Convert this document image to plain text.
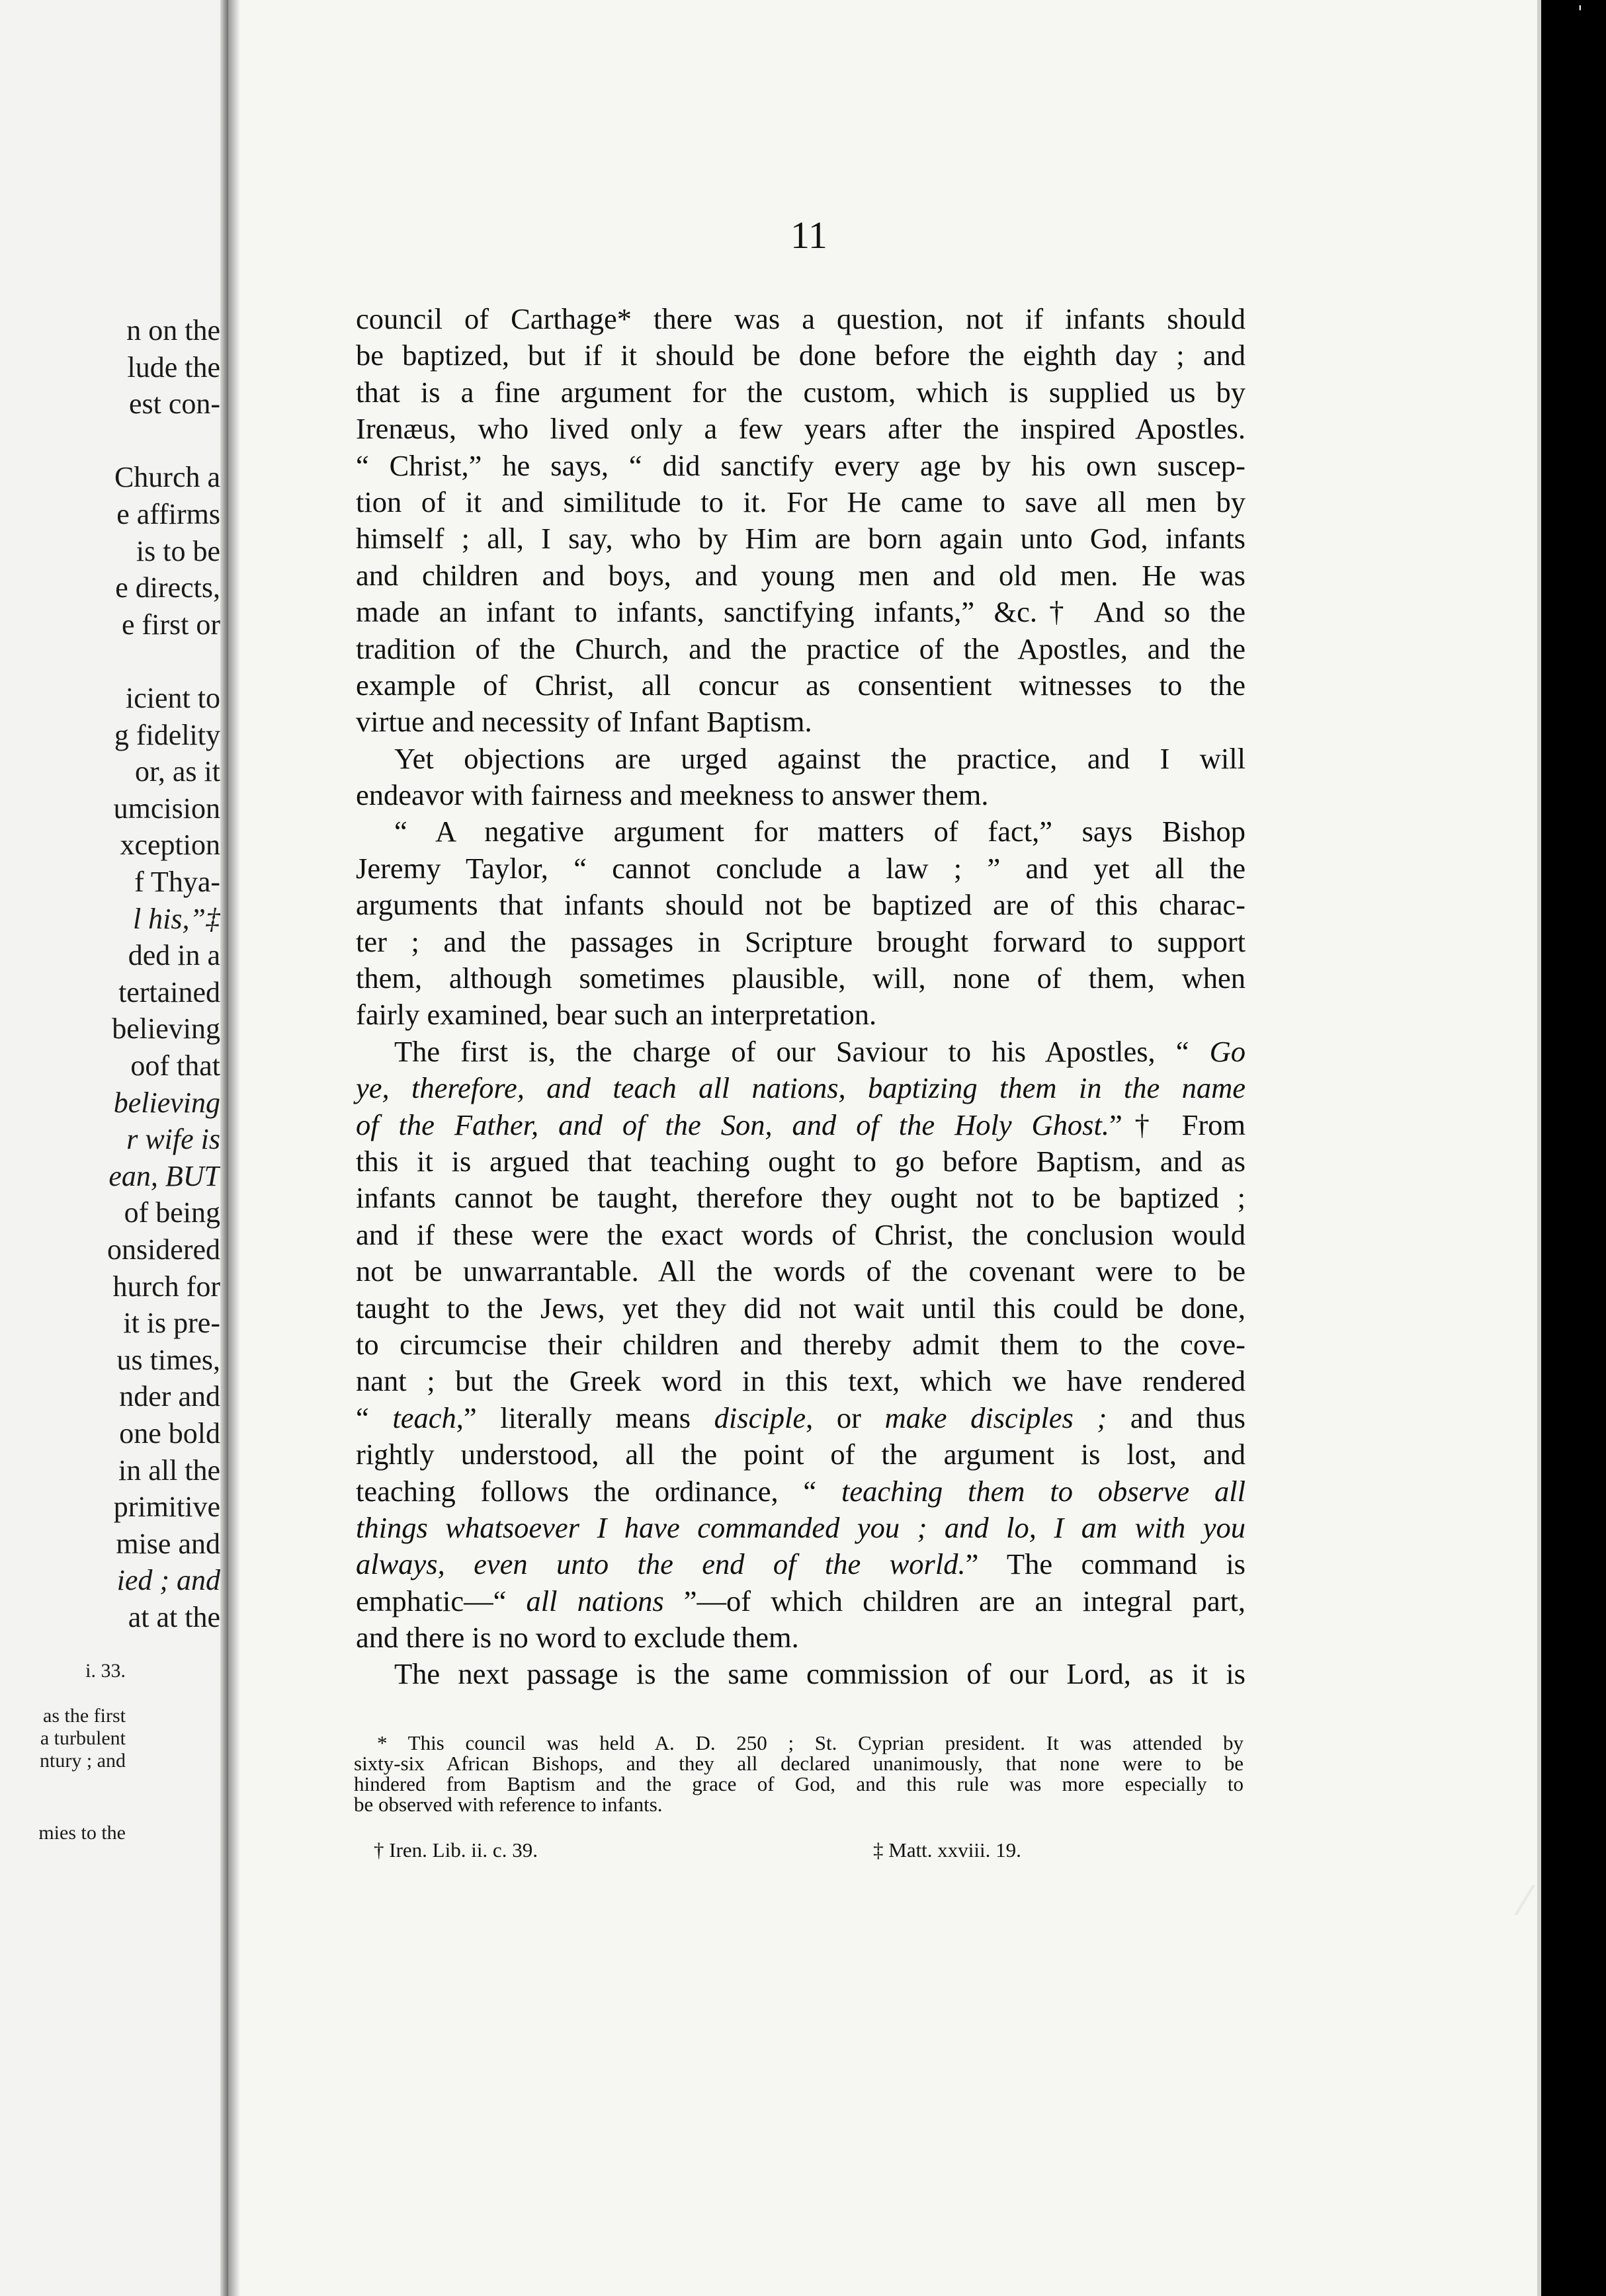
n on the
lude the
est con-
Church a
e affirms
is to be
e directs,
e first or
icient to
g fidelity
or, as it
umcision
xception
f Thya-
l his,”‡
ded in a
tertained
believing
oof that
believing
r wife is
ean, BUT
of being
onsidered
hurch for
it is pre-
us times,
nder and
one bold
in all the
primitive
mise and
ied ; and
at at the
i. 33.
as the first
a turbulent
ntury ; and
mies to the
11
council of Carthage* there was a question, not if infants should
be baptized, but if it should be done before the eighth day ; and
that is a fine argument for the custom, which is supplied us by
Irenæus, who lived only a few years after the inspired Apostles.
“ Christ,” he says, “ did sanctify every age by his own suscep-
tion of it and similitude to it. For He came to save all men by
himself ; all, I say, who by Him are born again unto God, infants
and children and boys, and young men and old men. He was
made an infant to infants, sanctifying infants,” &c.† And so the
tradition of the Church, and the practice of the Apostles, and the
example of Christ, all concur as consentient witnesses to the
virtue and necessity of Infant Baptism.
Yet objections are urged against the practice, and I will
endeavor with fairness and meekness to answer them.
“ A negative argument for matters of fact,” says Bishop
Jeremy Taylor, “ cannot conclude a law ; ” and yet all the
arguments that infants should not be baptized are of this charac-
ter ; and the passages in Scripture brought forward to support
them, although sometimes plausible, will, none of them, when
fairly examined, bear such an interpretation.
The first is, the charge of our Saviour to his Apostles, “ Go
ye, therefore, and teach all nations, baptizing them in the name
of the Father, and of the Son, and of the Holy Ghost.”† From
this it is argued that teaching ought to go before Baptism, and as
infants cannot be taught, therefore they ought not to be baptized ;
and if these were the exact words of Christ, the conclusion would
not be unwarrantable. All the words of the covenant were to be
taught to the Jews, yet they did not wait until this could be done,
to circumcise their children and thereby admit them to the cove-
nant ; but the Greek word in this text, which we have rendered
“ teach,” literally means disciple, or make disciples ; and thus
rightly understood, all the point of the argument is lost, and
teaching follows the ordinance, “ teaching them to observe all
things whatsoever I have commanded you ; and lo, I am with you
always, even unto the end of the world.” The command is
emphatic—“ all nations ”—of which children are an integral part,
and there is no word to exclude them.
The next passage is the same commission of our Lord, as it is
* This council was held A. D. 250 ; St. Cyprian president. It was attended by
sixty-six African Bishops, and they all declared unanimously, that none were to be
hindered from Baptism and the grace of God, and this rule was more especially to
be observed with reference to infants.
† Iren. Lib. ii. c. 39.	‡ Matt. xxviii. 19.
'
⁄
